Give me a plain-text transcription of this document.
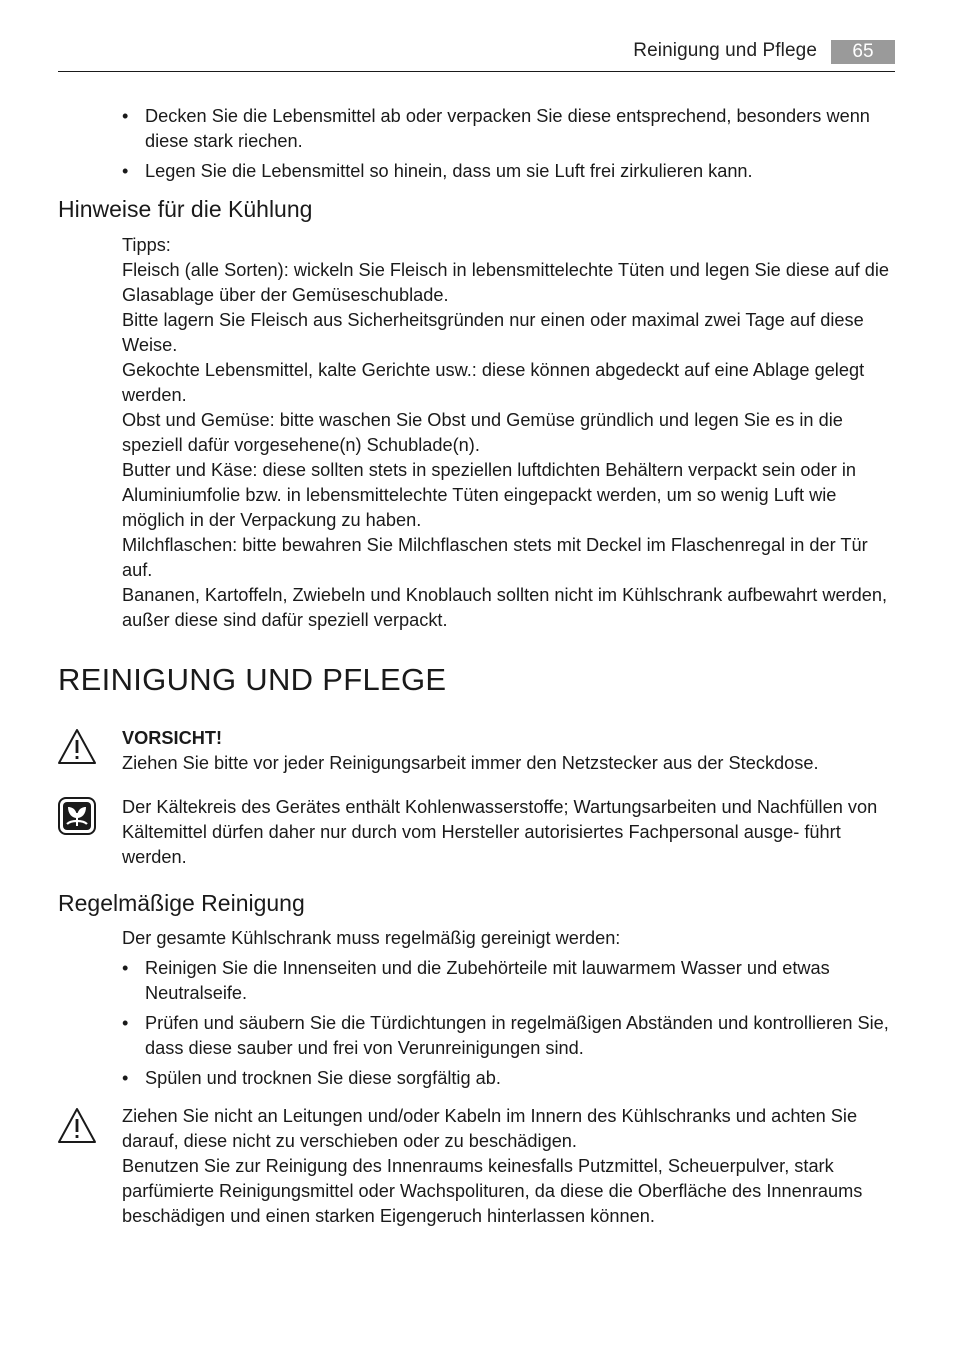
Reinigung und Pflege	65
• Decken Sie die Lebensmittel ab oder verpacken Sie diese entsprechend, besonders wenn diese stark riechen.
• Legen Sie die Lebensmittel so hinein, dass um sie Luft frei zirkulieren kann.
Hinweise für die Kühlung

Tipps:

Fleisch (alle Sorten): wickeln Sie Fleisch in lebensmittelechte Tüten und legen Sie diese auf die Glasablage über der Gemüseschublade.

Bitte lagern Sie Fleisch aus Sicherheitsgründen nur einen oder maximal zwei Tage auf diese Weise.

Gekochte Lebensmittel, kalte Gerichte usw.: diese können abgedeckt auf eine Ablage gelegt werden.

Obst und Gemüse: bitte waschen Sie Obst und Gemüse gründlich und legen Sie es in die speziell dafür vorgesehene(n) Schublade(n).

Butter und Käse: diese sollten stets in speziellen luftdichten Behältern verpackt sein oder in Aluminiumfolie bzw. in lebensmittelechte Tüten eingepackt werden, um so wenig Luft wie möglich in der Verpackung zu haben.

Milchflaschen: bitte bewahren Sie Milchflaschen stets mit Deckel im Flaschenregal in der Tür auf.

Bananen, Kartoffeln, Zwiebeln und Knoblauch sollten nicht im Kühlschrank aufbewahrt werden, außer diese sind dafür speziell verpackt.

REINIGUNG UND PFLEGE

VORSICHT!

Ziehen Sie bitte vor jeder Reinigungsarbeit immer den Netzstecker aus der Steckdose.

Der Kältekreis des Gerätes enthält Kohlenwasserstoffe; Wartungsarbeiten und Nachfüllen von Kältemittel dürfen daher nur durch vom Hersteller autorisiertes Fachpersonal ausge- führt werden.

Regelmäßige Reinigung

Der gesamte Kühlschrank muss regelmäßig gereinigt werden:

• Reinigen Sie die Innenseiten und die Zubehörteile mit lauwarmem Wasser und etwas Neutralseife.
• Prüfen und säubern Sie die Türdichtungen in regelmäßigen Abständen und kontrollieren Sie, dass diese sauber und frei von Verunreinigungen sind.
• Spülen und trocknen Sie diese sorgfältig ab.

Ziehen Sie nicht an Leitungen und/oder Kabeln im Innern des Kühlschranks und achten Sie darauf, diese nicht zu verschieben oder zu beschädigen.

Benutzen Sie zur Reinigung des Innenraums keinesfalls Putzmittel, Scheuerpulver, stark parfümierte Reinigungsmittel oder Wachspolituren, da diese die Oberfläche des Innenraums beschädigen und einen starken Eigengeruch hinterlassen können.
